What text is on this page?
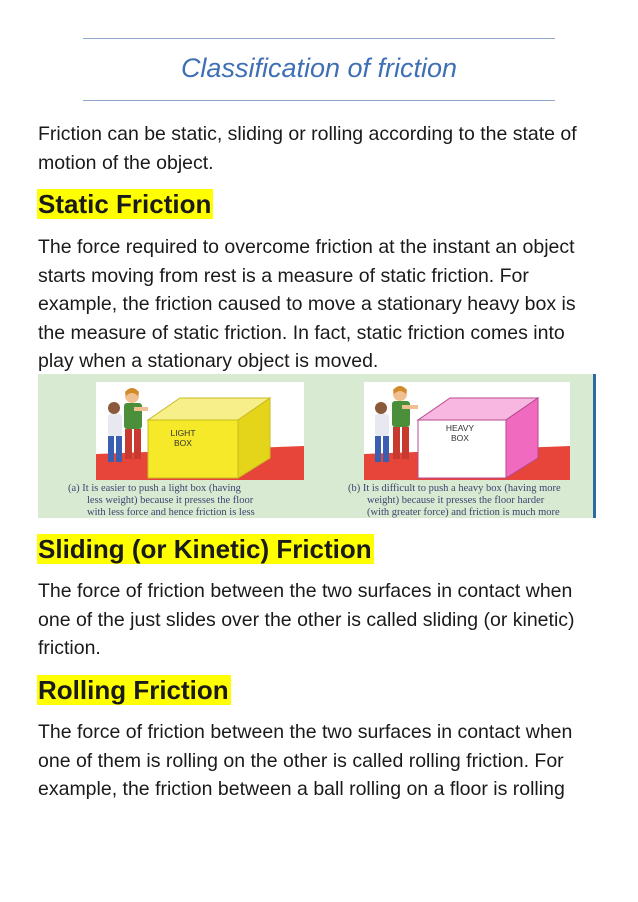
Classification of friction

Friction can be static, sliding or rolling according to the state of motion of the object.

Static Friction

The force required to overcome friction at the instant an object starts moving from rest is a measure of static friction. For example, the friction caused to move a stationary heavy box is the measure of static friction. In fact, static friction comes into play when a stationary object is moved.

LIGHT
BOX
HEAVY
BOX
(a) It is easier to push a light box (having
less weight) because it presses the floor
with less force and hence friction is less
(b) It is difficult to push a heavy box (having more
weight) because it presses the floor harder
(with greater force) and friction is much more
Sliding (or Kinetic) Friction

The force of friction between the two surfaces in contact when one of the just slides over the other is called sliding (or kinetic) friction.

Rolling Friction

The force of friction between the two surfaces in contact when one of them is rolling on the other is called rolling friction. For example, the friction between a ball rolling on a floor is rolling
